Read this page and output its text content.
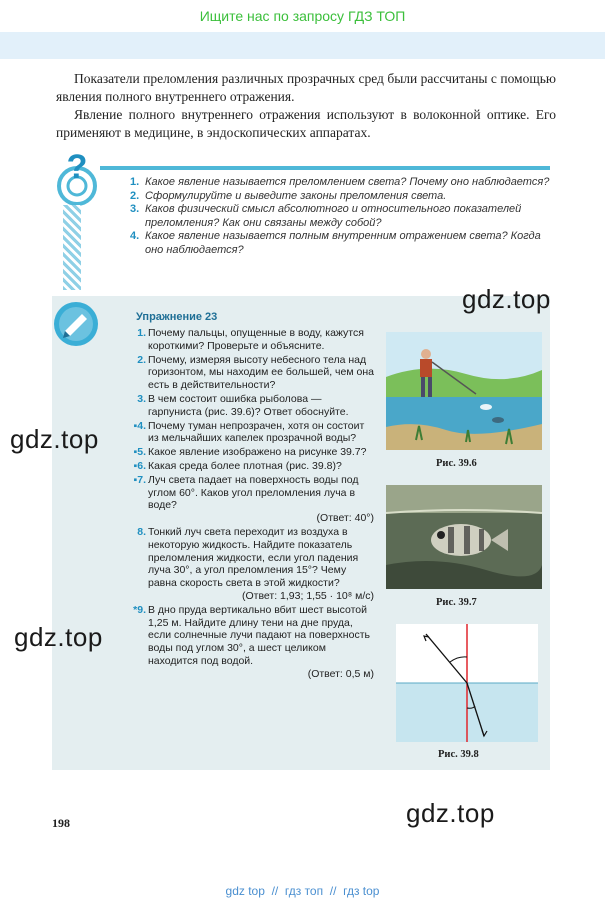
Ищите нас по запросу ГДЗ ТОП

Показатели преломления различных прозрачных сред были рассчитаны с помощью явления полного внутреннего отражения.

Явление полного внутреннего отражения используют в волоконной оптике. Его применяют в медицине, в эндоскопических аппаратах.

?	1. Какое явление называется преломлением света? Почему оно наблюдается?
2. Сформулируйте и выведите законы преломления света.
3. Каков физический смысл абсолютного и относительного показателей преломления? Как они связаны между собой?
4. Какое явление называется полным внутренним отражением света? Когда оно наблюдается?
Упражнение 23
1. Почему пальцы, опущенные в воду, кажутся короткими? Проверьте и объясните.
2. Почему, измеряя высоту небесного тела над горизонтом, мы находим ее большей, чем она есть в действительности?
3. В чем состоит ошибка рыболова — гарпуниста (рис. 39.6)? Ответ обоснуйте.
▪4. Почему туман непрозрачен, хотя он состоит из мельчайших капелек прозрачной воды?
▪5. Какое явление изображено на рисунке 39.7?
▪6. Какая среда более плотная (рис. 39.8)?
▪7. Луч света падает на поверхность воды под углом 60°. Каков угол преломления луча в воде?
(Ответ: 40°)
8. Тонкий луч света переходит из воздуха в некоторую жидкость. Найдите показатель преломления жидкости, если угол падения луча 30°, а угол преломления 15°? Чему равна скорость света в этой жидкости?
(Ответ: 1,93; 1,55 · 10⁸ м/с)
*9. В дно пруда вертикально вбит шест высотой 1,25 м. Найдите длину тени на дне пруда, если солнечные лучи падают на поверхность воды под углом 30°, а шест целиком находится под водой.
(Ответ: 0,5 м)
Рис. 39.6
Рис. 39.7
Рис. 39.8
198
gdz.top
gdz.top
gdz.top
gdz.top
gdz top  //  гдз топ  //  гдз top
